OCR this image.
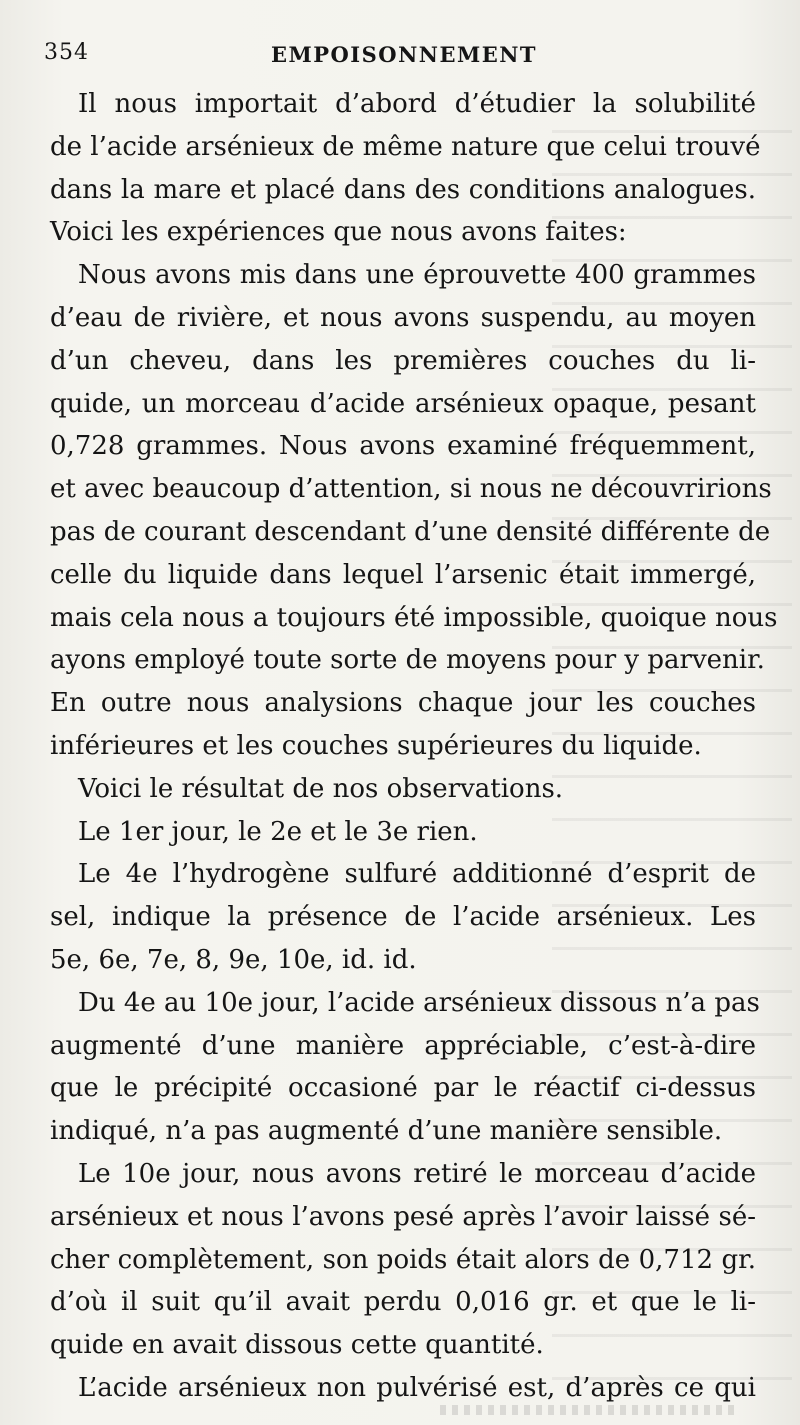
354	EMPOISONNEMENT
Il nous importait d’abord d’étudier la solubilité
de l’acide arsénieux de même nature que celui trouvé
dans la mare et placé dans des conditions analogues.
Voici les expériences que nous avons faites:
Nous avons mis dans une éprouvette 400 grammes
d’eau de rivière, et nous avons suspendu, au moyen
d’un cheveu, dans les premières couches du li-
quide, un morceau d’acide arsénieux opaque, pesant
0,728 grammes. Nous avons examiné fréquemment,
et avec beaucoup d’attention, si nous ne découvririons
pas de courant descendant d’une densité différente de
celle du liquide dans lequel l’arsenic était immergé,
mais cela nous a toujours été impossible, quoique nous
ayons employé toute sorte de moyens pour y parvenir.
En outre nous analysions chaque jour les couches
inférieures et les couches supérieures du liquide.
Voici le résultat de nos observations.
Le 1er jour, le 2e et le 3e rien.
Le 4e l’hydrogène sulfuré additionné d’esprit de
sel, indique la présence de l’acide arsénieux. Les
5e, 6e, 7e, 8, 9e, 10e, id. id.
Du 4e au 10e jour, l’acide arsénieux dissous n’a pas
augmenté d’une manière appréciable, c’est-à-dire
que le précipité occasioné par le réactif ci-dessus
indiqué, n’a pas augmenté d’une manière sensible.
Le 10e jour, nous avons retiré le morceau d’acide
arsénieux et nous l’avons pesé après l’avoir laissé sé-
cher complètement, son poids était alors de 0,712 gr.
d’où il suit qu’il avait perdu 0,016 gr. et que le li-
quide en avait dissous cette quantité.
L’acide arsénieux non pulvérisé est, d’après ce qui
